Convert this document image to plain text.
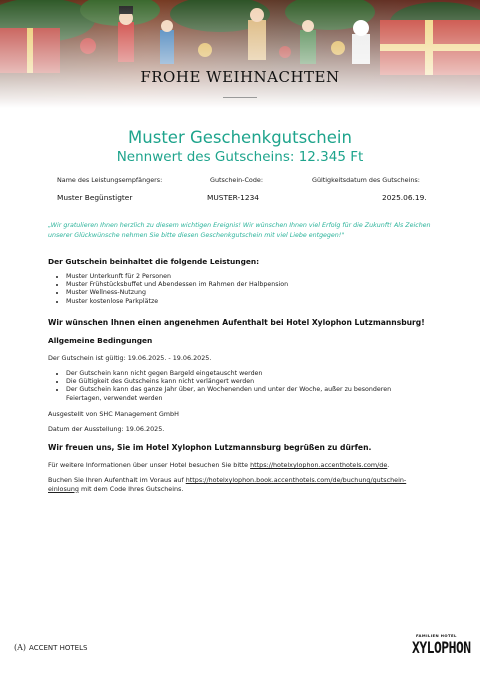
FROHE WEIHNACHTEN
Muster Geschenkgutschein
Nennwert des Gutscheins: 12.345 Ft
Name des Leistungsempfängers:	Gutschein-Code:	Gültigkeitsdatum des Gutscheins:
Muster Begünstigter	MUSTER-1234	2025.06.19.
„Wir gratulieren Ihnen herzlich zu diesem wichtigen Ereignis! Wir wünschen Ihnen viel Erfolg für die Zukunft! Als Zeichen unserer Glückwünsche nehmen Sie bitte diesen Geschenkgutschein mit viel Liebe entgegen!"
Der Gutschein beinhaltet die folgende Leistungen:
• Muster Unterkunft für 2 Personen
• Muster Frühstücksbuffet und Abendessen im Rahmen der Halbpension
• Muster Wellness-Nutzung
• Muster kostenlose Parkplätze
Wir wünschen Ihnen einen angenehmen Aufenthalt bei Hotel Xylophon Lutzmannsburg!
Allgemeine Bedingungen
Der Gutschein ist gültig: 19.06.2025. - 19.06.2025.
• Der Gutschein kann nicht gegen Bargeld eingetauscht werden
• Die Gültigkeit des Gutscheins kann nicht verlängert werden
• Der Gutschein kann das ganze Jahr über, an Wochenenden und unter der Woche, außer zu besonderen Feiertagen, verwendet werden
Ausgestellt von SHC Management GmbH
Datum der Ausstellung: 19.06.2025.
Wir freuen uns, Sie im Hotel Xylophon Lutzmannsburg begrüßen zu dürfen.
Für weitere Informationen über unser Hotel besuchen Sie bitte https://hotelxylophon.accenthotels.com/de.
Buchen Sie Ihren Aufenthalt im Voraus auf https://hotelxylophon.book.accenthotels.com/de/buchung/gutschein-einlosung mit dem Code Ihres Gutscheins.
(A) ACCENT HOTELS
FAMILIEN HOTEL
XYLOPHON
